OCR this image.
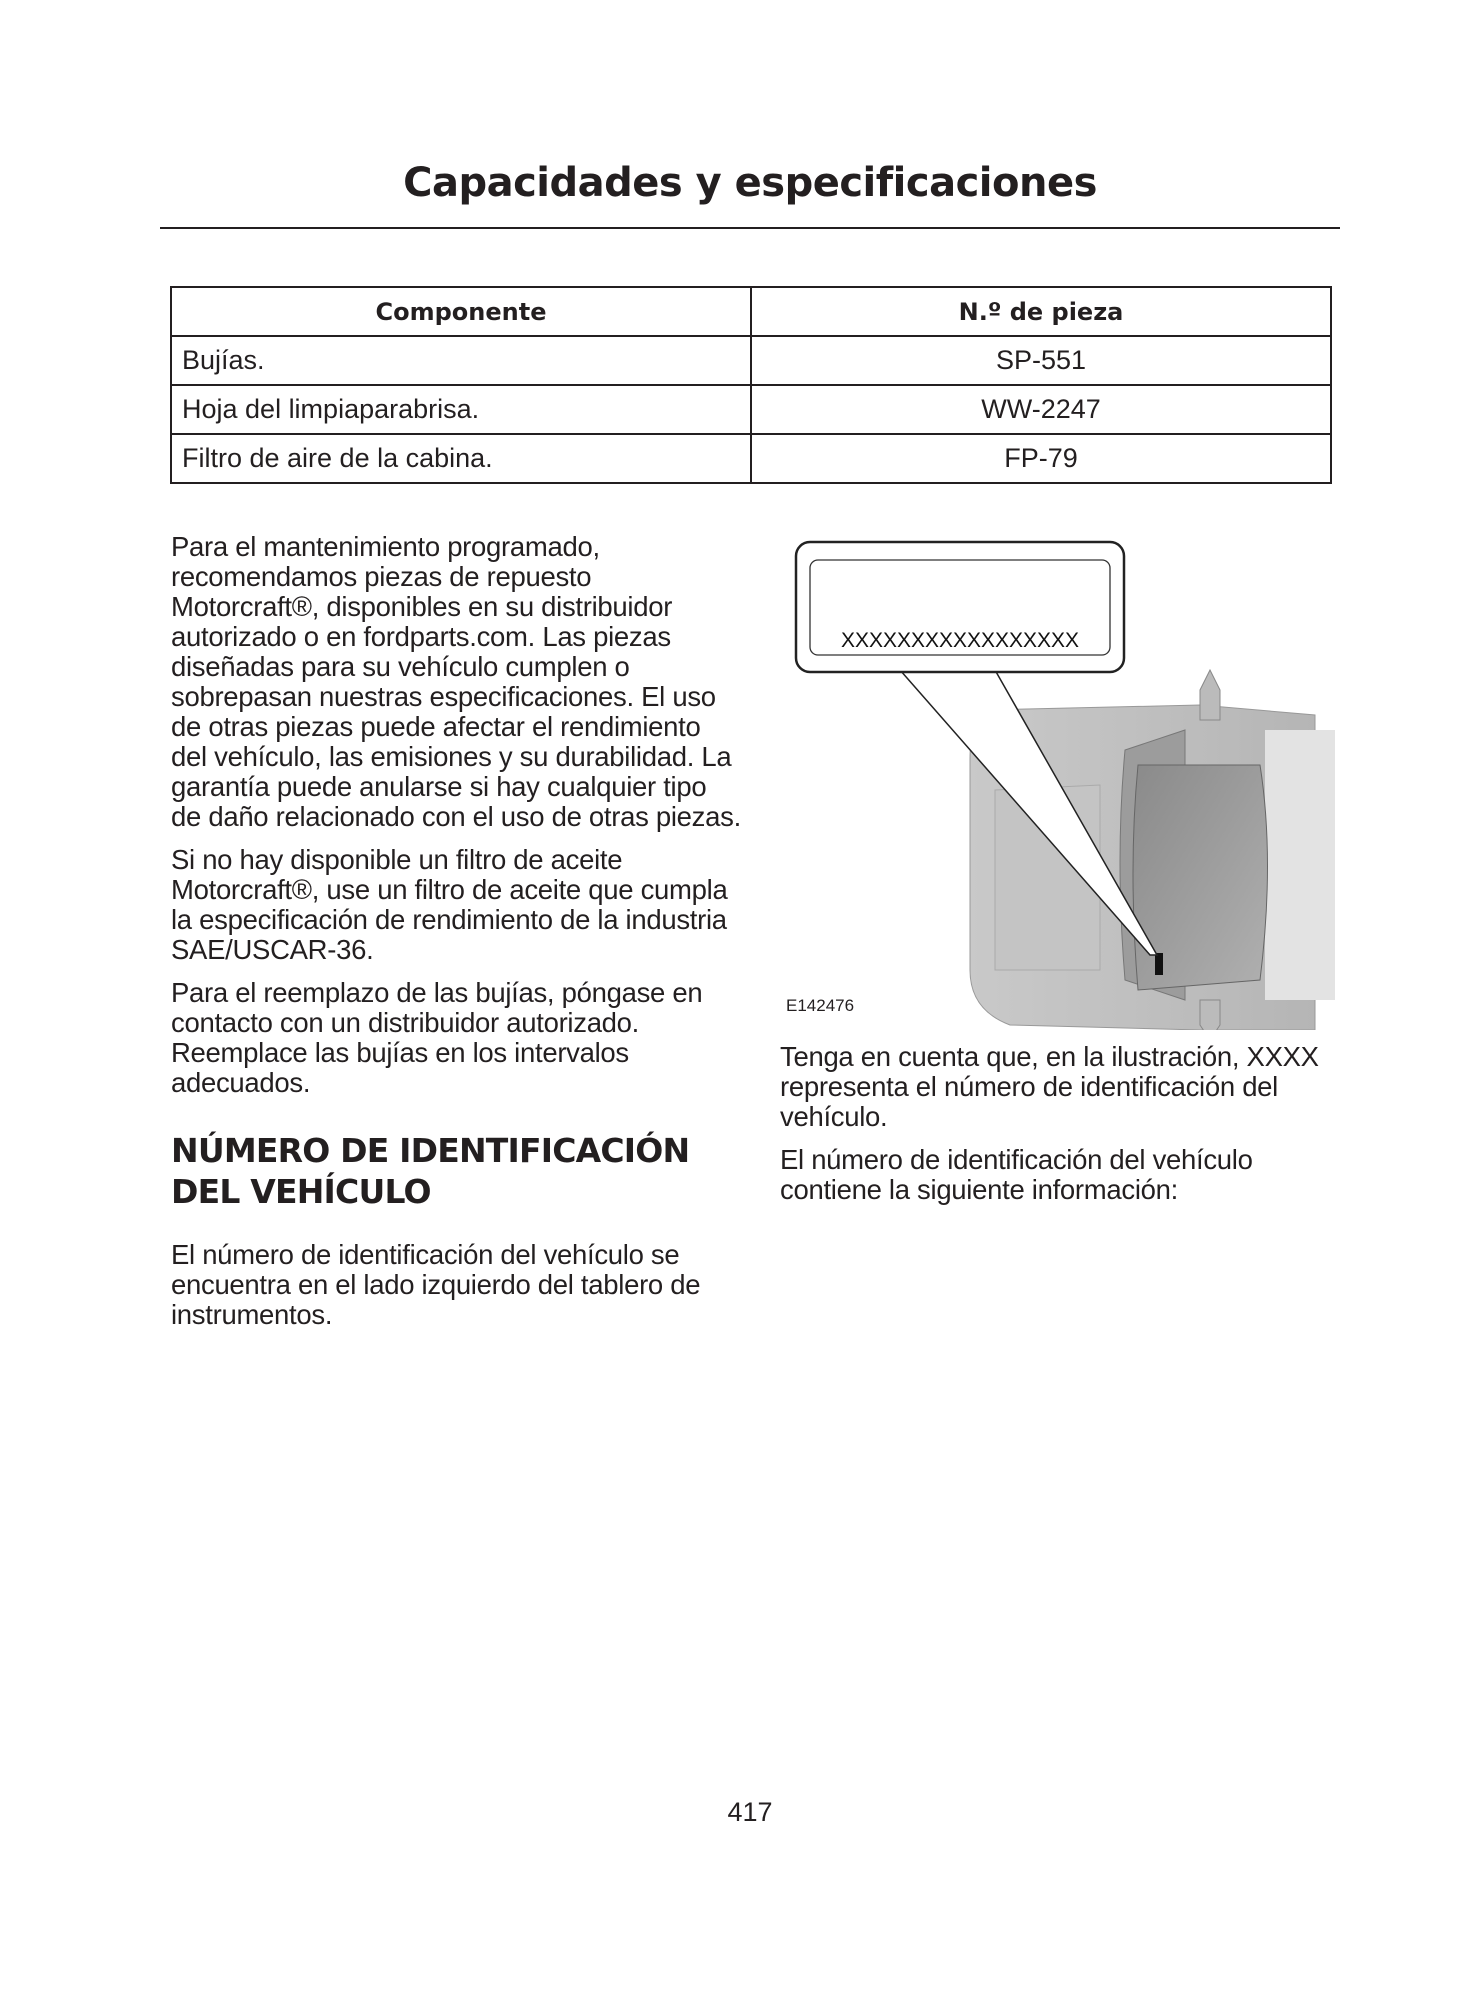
Capacidades y especificaciones
Componente	N.º de pieza
Bujías.	SP-551
Hoja del limpiaparabrisa.	WW-2247
Filtro de aire de la cabina.	FP-79

Para el mantenimiento programado, recomendamos piezas de repuesto Motorcraft®, disponibles en su distribuidor autorizado o en fordparts.com. Las piezas diseñadas para su vehículo cumplen o sobrepasan nuestras especificaciones. El uso de otras piezas puede afectar el rendimiento del vehículo, las emisiones y su durabilidad. La garantía puede anularse si hay cualquier tipo de daño relacionado con el uso de otras piezas.

Si no hay disponible un filtro de aceite Motorcraft®, use un filtro de aceite que cumpla la especificación de rendimiento de la industria SAE/USCAR-36.

Para el reemplazo de las bujías, póngase en contacto con un distribuidor autorizado. Reemplace las bujías en los intervalos adecuados.

NÚMERO DE IDENTIFICACIÓN DEL VEHÍCULO

El número de identificación del vehículo se encuentra en el lado izquierdo del tablero de instrumentos.

XXXXXXXXXXXXXXXXX
E142476

Tenga en cuenta que, en la ilustración, XXXX representa el número de identificación del vehículo.

El número de identificación del vehículo contiene la siguiente información:

417
